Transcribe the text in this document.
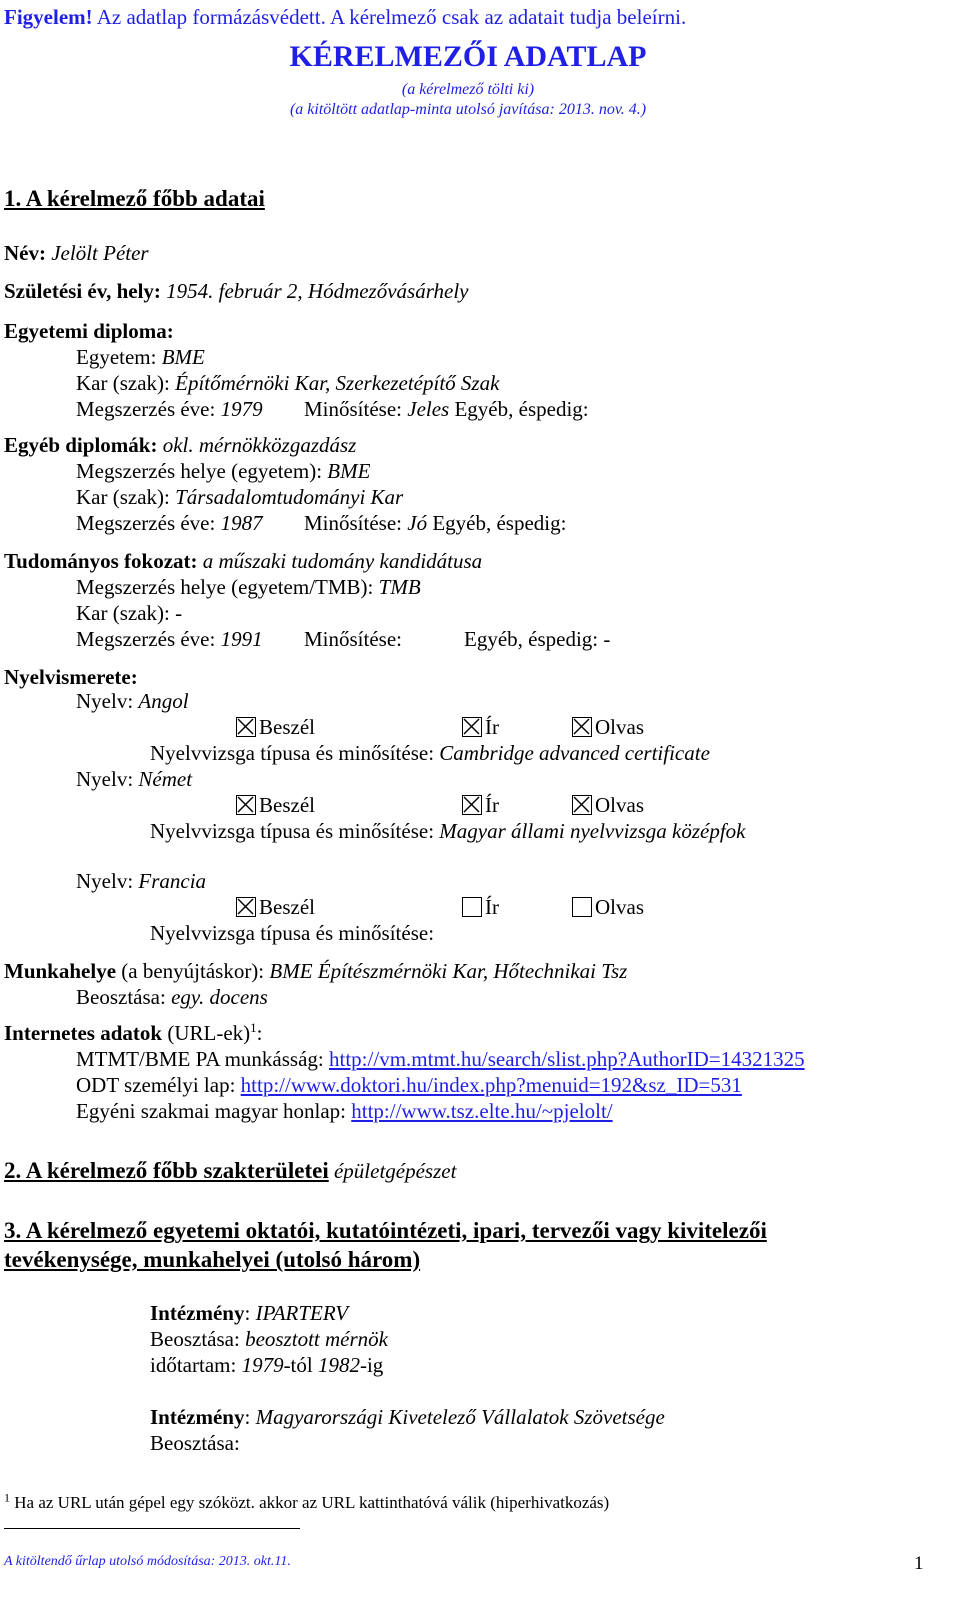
Figyelem! Az adatlap formázásvédett. A kérelmező csak az adatait tudja beleírni.
KÉRELMEZŐI ADATLAP
(a kérelmező tölti ki)
(a kitöltött adatlap-minta utolsó javítása: 2013. nov. 4.)
1. A kérelmező főbb adatai
Név: Jelölt Péter
Születési év, hely: 1954. február 2, Hódmezővásárhely
Egyetemi diploma:
Egyetem: BME
Kar (szak): Építőmérnöki Kar, Szerkezetépítő Szak
Megszerzés éve: 1979 Minősítése: Jeles Egyéb, éspedig:
Egyéb diplomák: okl. mérnökközgazdász
Megszerzés helye (egyetem): BME
Kar (szak): Társadalomtudományi Kar
Megszerzés éve: 1987 Minősítése: Jó Egyéb, éspedig:
Tudományos fokozat: a műszaki tudomány kandidátusa
Megszerzés helye (egyetem/TMB): TMB
Kar (szak): -
Megszerzés éve: 1991 Minősítése:	Egyéb, éspedig: -
Nyelvismerete:
Nyelv: Angol
Beszél	Ír	Olvas
Nyelvvizsga típusa és minősítése: Cambridge advanced certificate
Nyelv: Német
Beszél	Ír	Olvas
Nyelvvizsga típusa és minősítése: Magyar állami nyelvvizsga középfok
Nyelv: Francia
Beszél	Ír	Olvas
Nyelvvizsga típusa és minősítése:
Munkahelye (a benyújtáskor): BME Építészmérnöki Kar, Hőtechnikai Tsz
Beosztása: egy. docens
Internetes adatok $(URL-ek)^1$:
MTMT/BME PA munkásság: http://vm.mtmt.hu/search/slist.php?AuthorID=14321325
ODT személyi lap: http://www.doktori.hu/index.php?menuid=192&sz_ID=531
Egyéni szakmai magyar honlap: http://www.tsz.elte.hu/~pjelolt/
2. A kérelmező főbb szakterületei épületgépészet
3. A kérelmező egyetemi oktatói, kutatóintézeti, ipari, tervezői vagy kivitelezői
tevékenysége, munkahelyei (utolsó három)
Intézmény: IPARTERV
Beosztása: beosztott mérnök
időtartam: 1979-tól 1982-ig
Intézmény: Magyarországi Kivetelező Vállalatok Szövetsége
Beosztása:
$^1$ Ha az URL után gépel egy szóközt. akkor az URL kattinthatóvá válik (hiperhivatkozás)
A kitöltendő űrlap utolsó módosítása: 2013. okt.11.	1
